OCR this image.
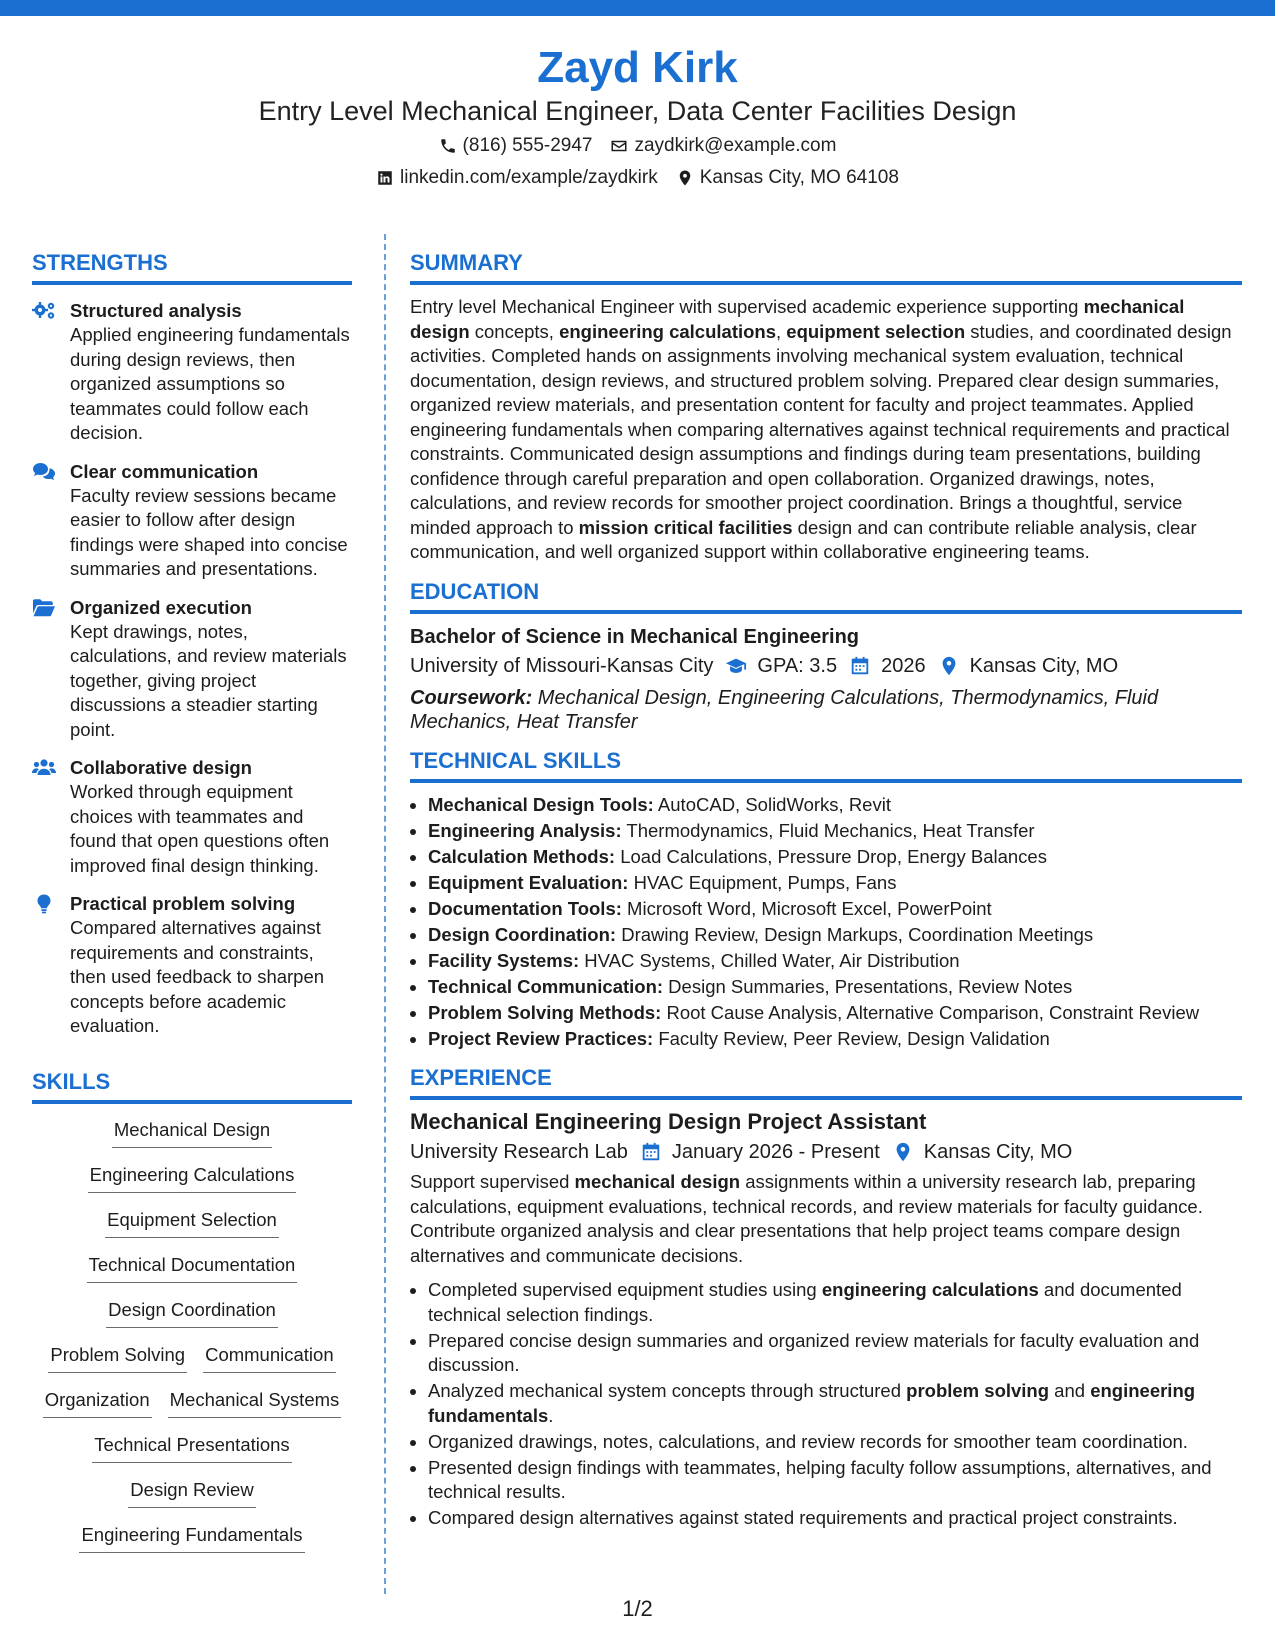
Zayd Kirk
Entry Level Mechanical Engineer, Data Center Facilities Design
(816) 555-2947 zaydkirk@example.com
linkedin.com/example/zaydkirk Kansas City, MO 64108
STRENGTHS
Structured analysis
Applied engineering fundamentals during design reviews, then organized assumptions so teammates could follow each decision.
Clear communication
Faculty review sessions became easier to follow after design findings were shaped into concise summaries and presentations.
Organized execution
Kept drawings, notes, calculations, and review materials together, giving project discussions a steadier starting point.
Collaborative design
Worked through equipment choices with teammates and found that open questions often improved final design thinking.
Practical problem solving
Compared alternatives against requirements and constraints, then used feedback to sharpen concepts before academic evaluation.
SKILLS
Mechanical Design
Engineering Calculations
Equipment Selection
Technical Documentation
Design Coordination
Problem Solving Communication
Organization Mechanical Systems
Technical Presentations
Design Review
Engineering Fundamentals
SUMMARY
Entry level Mechanical Engineer with supervised academic experience supporting mechanical design concepts, engineering calculations, equipment selection studies, and coordinated design activities. Completed hands on assignments involving mechanical system evaluation, technical documentation, design reviews, and structured problem solving. Prepared clear design summaries, organized review materials, and presentation content for faculty and project teammates. Applied engineering fundamentals when comparing alternatives against technical requirements and practical constraints. Communicated design assumptions and findings during team presentations, building confidence through careful preparation and open collaboration. Organized drawings, notes, calculations, and review records for smoother project coordination. Brings a thoughtful, service minded approach to mission critical facilities design and can contribute reliable analysis, clear communication, and well organized support within collaborative engineering teams.
EDUCATION
Bachelor of Science in Mechanical Engineering
University of Missouri-Kansas City GPA: 3.5 2026 Kansas City, MO
Coursework: Mechanical Design, Engineering Calculations, Thermodynamics, Fluid Mechanics, Heat Transfer
TECHNICAL SKILLS
Mechanical Design Tools: AutoCAD, SolidWorks, Revit
Engineering Analysis: Thermodynamics, Fluid Mechanics, Heat Transfer
Calculation Methods: Load Calculations, Pressure Drop, Energy Balances
Equipment Evaluation: HVAC Equipment, Pumps, Fans
Documentation Tools: Microsoft Word, Microsoft Excel, PowerPoint
Design Coordination: Drawing Review, Design Markups, Coordination Meetings
Facility Systems: HVAC Systems, Chilled Water, Air Distribution
Technical Communication: Design Summaries, Presentations, Review Notes
Problem Solving Methods: Root Cause Analysis, Alternative Comparison, Constraint Review
Project Review Practices: Faculty Review, Peer Review, Design Validation
EXPERIENCE
Mechanical Engineering Design Project Assistant
University Research Lab January 2026 - Present Kansas City, MO
Support supervised mechanical design assignments within a university research lab, preparing calculations, equipment evaluations, technical records, and review materials for faculty guidance. Contribute organized analysis and clear presentations that help project teams compare design alternatives and communicate decisions.
Completed supervised equipment studies using engineering calculations and documented technical selection findings.
Prepared concise design summaries and organized review materials for faculty evaluation and discussion.
Analyzed mechanical system concepts through structured problem solving and engineering fundamentals.
Organized drawings, notes, calculations, and review records for smoother team coordination.
Presented design findings with teammates, helping faculty follow assumptions, alternatives, and technical results.
Compared design alternatives against stated requirements and practical project constraints.
1/2
